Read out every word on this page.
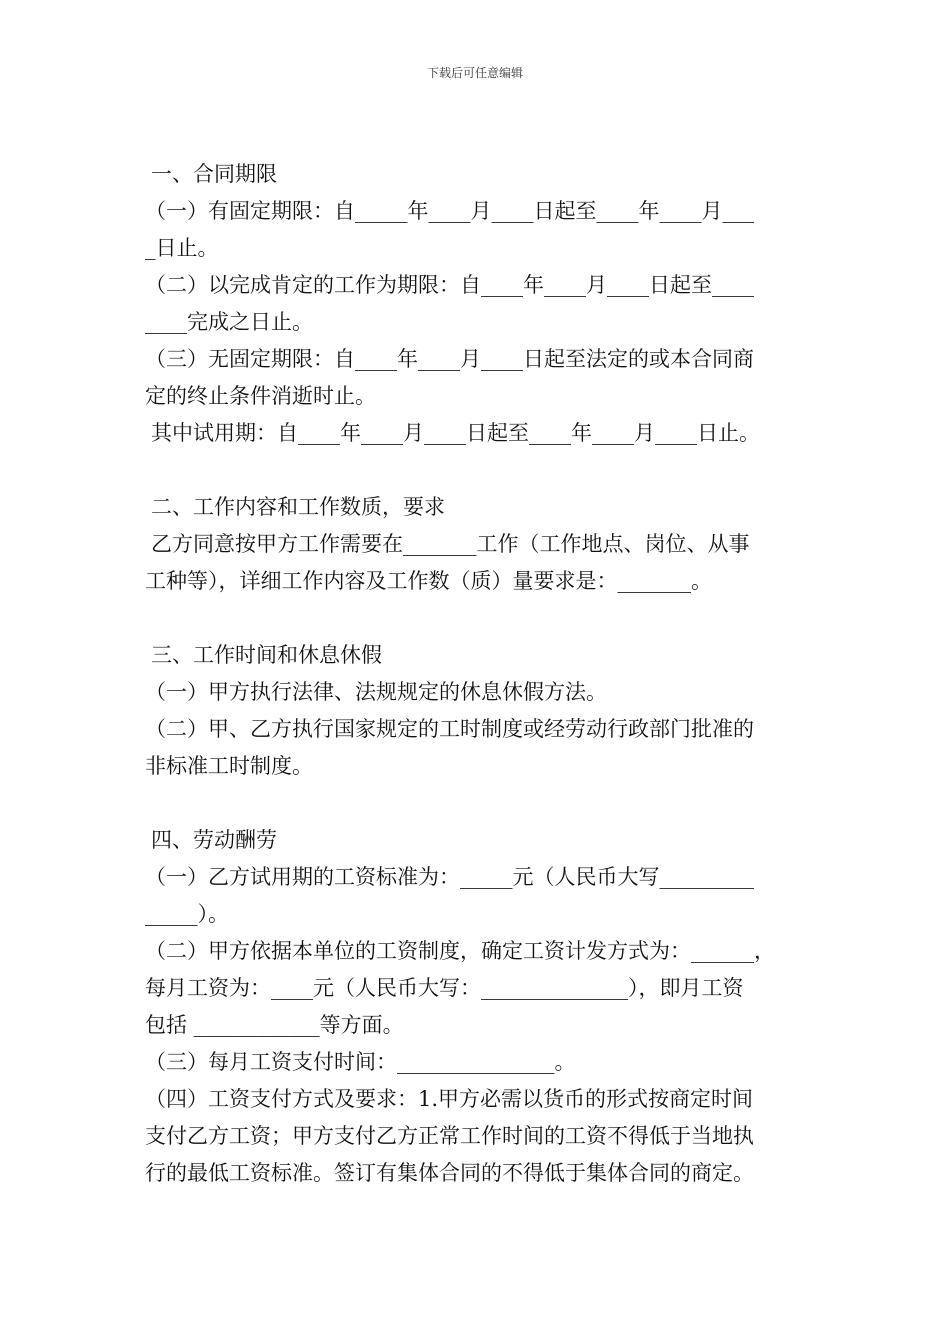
下载后可任意编辑
一、合同期限
（一）有固定期限：自_____年____月____日起至____年____月___
_日止。
（二）以完成肯定的工作为期限：自____年____月____日起至____
____完成之日止。
（三）无固定期限：自____年____月____日起至法定的或本合同商
定的终止条件消逝时止。
其中试用期：自____年____月____日起至____年____月____日止。
二、工作内容和工作数质，要求
乙方同意按甲方工作需要在_______工作（工作地点、岗位、从事
工种等），详细工作内容及工作数（质）量要求是：_______。
三、工作时间和休息休假
（一）甲方执行法律、法规规定的休息休假方法。
（二）甲、乙方执行国家规定的工时制度或经劳动行政部门批准的
非标准工时制度。
四、劳动酬劳
（一）乙方试用期的工资标准为：_____元（人民币大写_________
_____）。
（二）甲方依据本单位的工资制度，确定工资计发方式为：______，
每月工资为：____元（人民币大写：______________），即月工资
包括 ____________等方面。
（三）每月工资支付时间：_______________。
（四）工资支付方式及要求：1.甲方必需以货币的形式按商定时间
支付乙方工资；甲方支付乙方正常工作时间的工资不得低于当地执
行的最低工资标准。签订有集体合同的不得低于集体合同的商定。
